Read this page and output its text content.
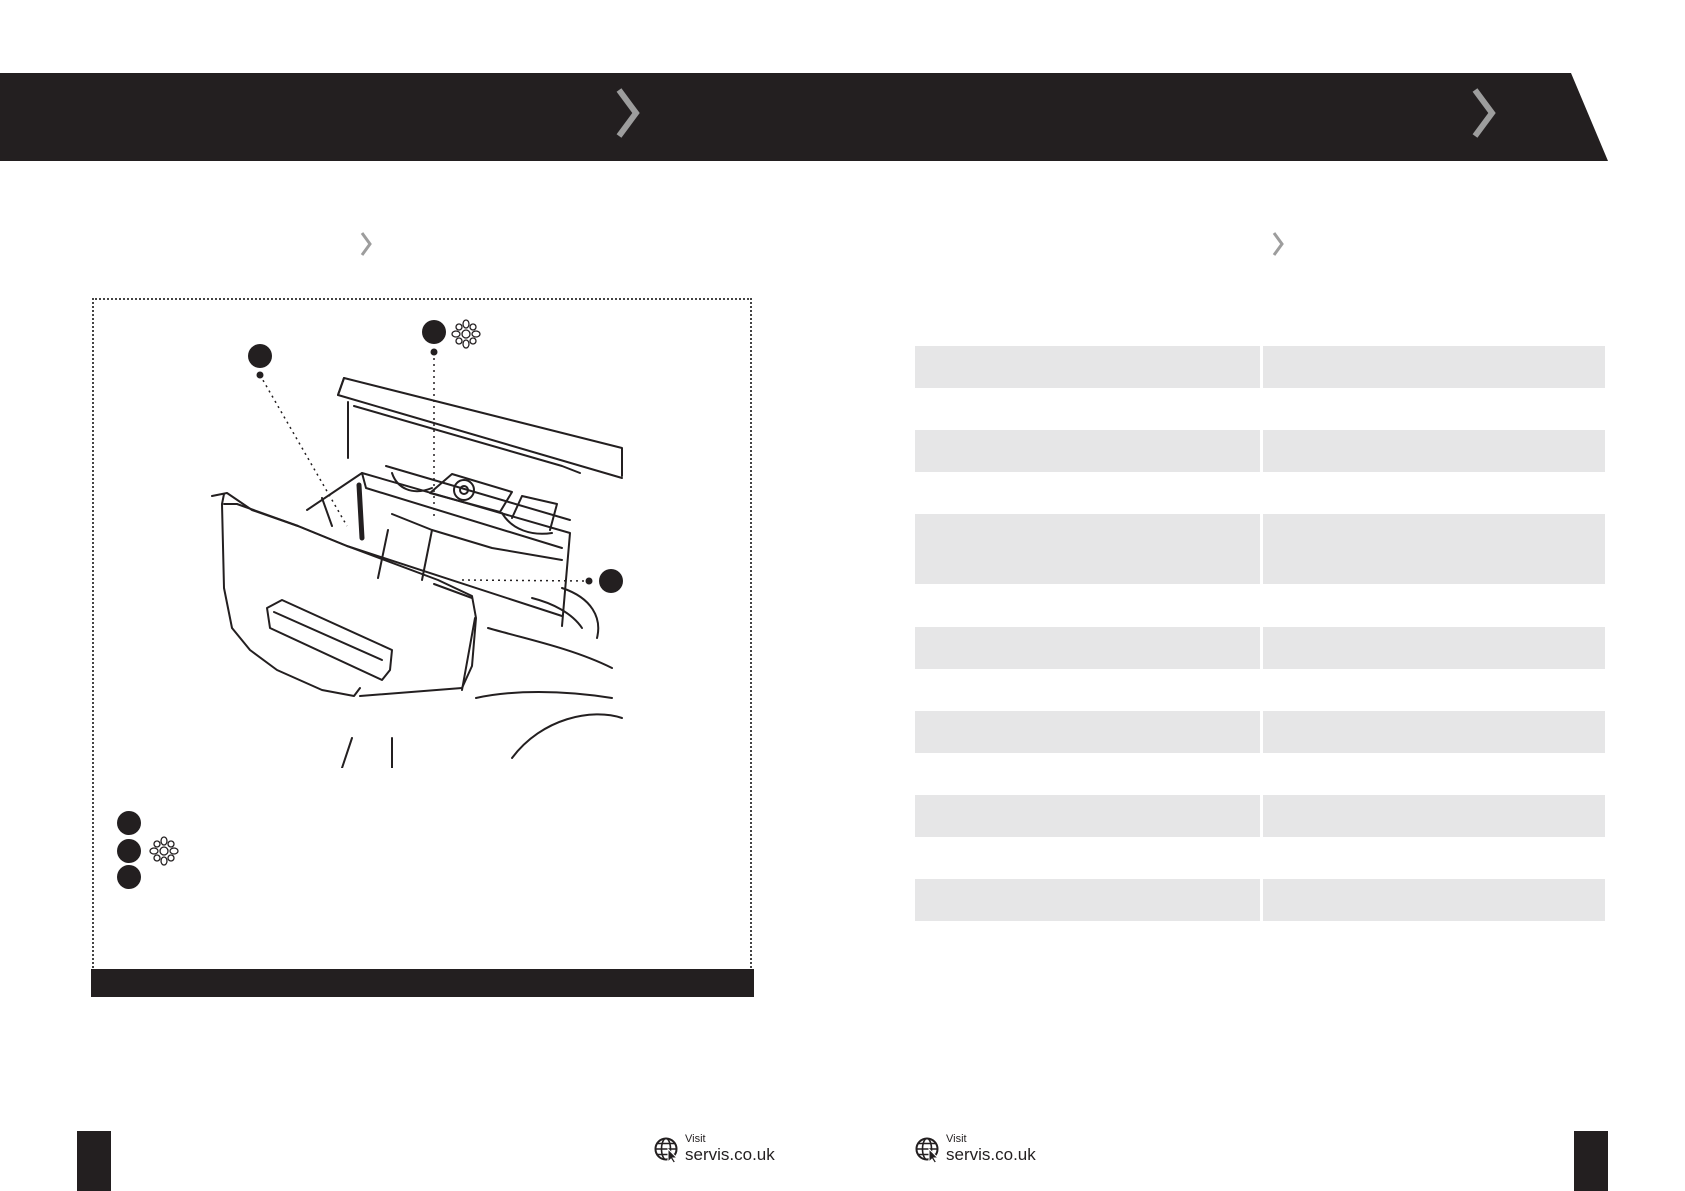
Visit
servis.co.uk
Visit
servis.co.uk
